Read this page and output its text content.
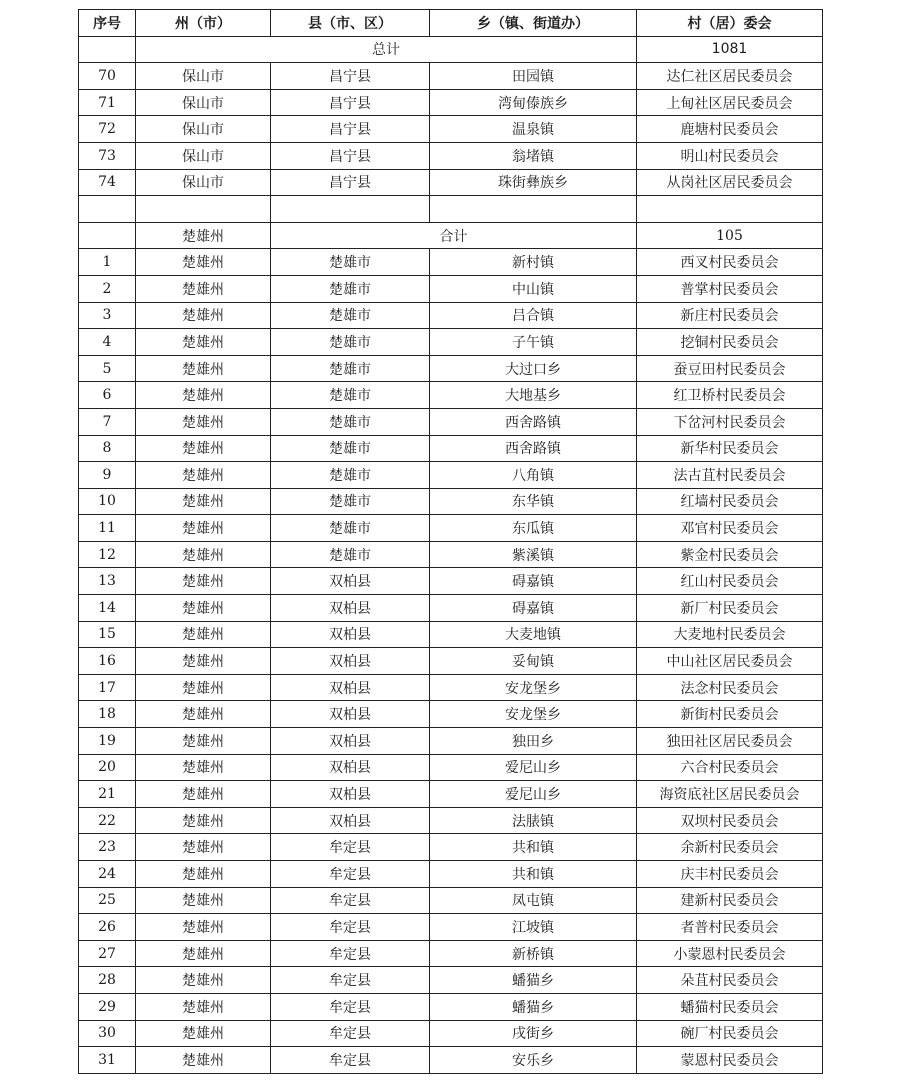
序号	州（市）	县（市、区）	乡（镇、街道办）	村（居）委会
	总计			1081
70	保山市	昌宁县	田园镇	达仁社区居民委员会
71	保山市	昌宁县	湾甸傣族乡	上甸社区居民委员会
72	保山市	昌宁县	温泉镇	鹿塘村民委员会
73	保山市	昌宁县	翁堵镇	明山村民委员会
74	保山市	昌宁县	珠街彝族乡	从岗社区居民委员会

	楚雄州	合计		105
1	楚雄州	楚雄市	新村镇	西叉村民委员会
2	楚雄州	楚雄市	中山镇	普掌村民委员会
3	楚雄州	楚雄市	吕合镇	新庄村民委员会
4	楚雄州	楚雄市	子午镇	挖铜村民委员会
5	楚雄州	楚雄市	大过口乡	蚕豆田村民委员会
6	楚雄州	楚雄市	大地基乡	红卫桥村民委员会
7	楚雄州	楚雄市	西舍路镇	下岔河村民委员会
8	楚雄州	楚雄市	西舍路镇	新华村民委员会
9	楚雄州	楚雄市	八角镇	法古苴村民委员会
10	楚雄州	楚雄市	东华镇	红墙村民委员会
11	楚雄州	楚雄市	东瓜镇	邓官村民委员会
12	楚雄州	楚雄市	紫溪镇	紫金村民委员会
13	楚雄州	双柏县	碍嘉镇	红山村民委员会
14	楚雄州	双柏县	碍嘉镇	新厂村民委员会
15	楚雄州	双柏县	大麦地镇	大麦地村民委员会
16	楚雄州	双柏县	妥甸镇	中山社区居民委员会
17	楚雄州	双柏县	安龙堡乡	法念村民委员会
18	楚雄州	双柏县	安龙堡乡	新街村民委员会
19	楚雄州	双柏县	独田乡	独田社区居民委员会
20	楚雄州	双柏县	爱尼山乡	六合村民委员会
21	楚雄州	双柏县	爱尼山乡	海资底社区居民委员会
22	楚雄州	双柏县	法脿镇	双坝村民委员会
23	楚雄州	牟定县	共和镇	余新村民委员会
24	楚雄州	牟定县	共和镇	庆丰村民委员会
25	楚雄州	牟定县	凤屯镇	建新村民委员会
26	楚雄州	牟定县	江坡镇	者普村民委员会
27	楚雄州	牟定县	新桥镇	小蒙恩村民委员会
28	楚雄州	牟定县	蟠猫乡	朵苴村民委员会
29	楚雄州	牟定县	蟠猫乡	蟠猫村民委员会
30	楚雄州	牟定县	戌街乡	碗厂村民委员会
31	楚雄州	牟定县	安乐乡	蒙恩村民委员会
